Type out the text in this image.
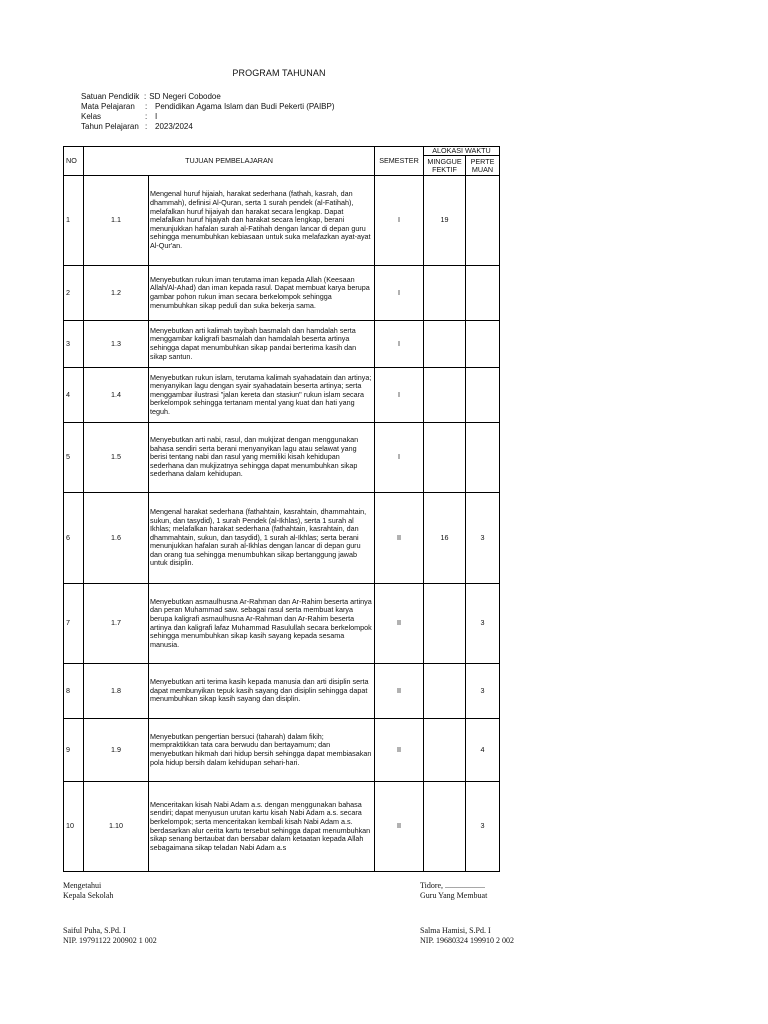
PROGRAM TAHUNAN
Satuan Pendidik : SD Negeri Cobodoe
Mata Pelajaran	: Pendidikan Agama Islam dan Budi Pekerti (PAIBP)
Kelas	: I
Tahun Pelajaran : 2023/2024
NO	TUJUAN PEMBELAJARAN		SEMESTER	ALOKASI WAKTU	
				MINGGUE FEKTIF	PERTE MUAN
1	1.1	Mengenal huruf hijaiah, harakat sederhana (fathah, kasrah, dan dhammah), definisi Al-Quran, serta 1 surah pendek (al-Fatihah), melafalkan huruf hijaiyah dan harakat secara lengkap. Dapat melafalkan huruf hijaiyah dan harakat secara lengkap, berani menunjukkan hafalan surah al-Fatihah dengan lancar di depan guru sehingga menumbuhkan kebiasaan untuk suka melafazkan ayat-ayat Al-Qur'an.	I	19	
2	1.2	Menyebutkan rukun iman terutama iman kepada Allah (Keesaan Allah/Al-Ahad) dan iman kepada rasul. Dapat membuat karya berupa gambar pohon rukun iman secara berkelompok sehingga menumbuhkan sikap peduli dan suka bekerja sama.	I		
3	1.3	Menyebutkan arti kalimah tayibah basmalah dan hamdalah serta menggambar kaligrafi basmalah dan hamdalah beserta artinya sehingga dapat menumbuhkan sikap pandai berterima kasih dan sikap santun.	I		
4	1.4	Menyebutkan rukun islam, terutama kalimah syahadatain dan artinya; menyanyikan lagu dengan syair syahadatain beserta artinya; serta menggambar ilustrasi "jalan kereta dan stasiun" rukun islam secara berkelompok sehingga tertanam mental yang kuat dan hati yang teguh.	I		
5	1.5	Menyebutkan arti nabi, rasul, dan mukjizat dengan menggunakan bahasa sendiri serta berani menyanyikan lagu atau selawat yang berisi tentang nabi dan rasul yang memiliki kisah kehidupan sederhana dan mukjizatnya sehingga dapat menumbuhkan sikap sederhana dalam kehidupan.	I		
6	1.6	Mengenal harakat sederhana (fathahtain, kasrahtain, dhammahtain, sukun, dan tasydid), 1 surah Pendek (al-Ikhlas), serta 1 surah al Ikhlas; melafalkan harakat sederhana (fathahtain, kasrahtain, dan dhammahtain, sukun, dan tasydid), 1 surah al-Ikhlas; serta berani menunjukkan hafalan surah al-Ikhlas dengan lancar di depan guru dan orang tua sehingga menumbuhkan sikap bertanggung jawab untuk disiplin.	II	16	3
7	1.7	Menyebutkan asmaulhusna Ar-Rahman dan Ar-Rahim beserta artinya dan peran Muhammad saw. sebagai rasul serta membuat karya berupa kaligrafi asmaulhusna Ar-Rahman dan Ar-Rahim beserta artinya dan kaligrafi lafaz Muhammad Rasulullah secara berkelompok sehingga menumbuhkan sikap kasih sayang kepada sesama manusia.	II		3
8	1.8	Menyebutkan arti terima kasih kepada manusia dan arti disiplin serta dapat membunyikan tepuk kasih sayang dan disiplin sehingga dapat menumbuhkan sikap kasih sayang dan disiplin.	II		3
9	1.9	Menyebutkan pengertian bersuci (taharah) dalam fikih; mempraktikkan tata cara berwudu dan bertayamum; dan menyebutkan hikmah dari hidup bersih sehingga dapat membiasakan pola hidup bersih dalam kehidupan sehari-hari.	II		4
10	1.10	Menceritakan kisah Nabi Adam a.s. dengan menggunakan bahasa sendiri; dapat menyusun urutan kartu kisah Nabi Adam a.s. secara berkelompok; serta menceritakan kembali kisah Nabi Adam a.s. berdasarkan alur cerita kartu tersebut sehingga dapat menumbuhkan sikap senang bertaubat dan bersabar dalam ketaatan kepada Allah sebagaimana sikap teladan Nabi Adam a.s	II		3
Mengetahui
Kepala Sekolah
Saiful Puha, S.Pd. I
NIP. 19791122 200902 1 002
Tidore, ....................
Guru Yang Membuat
Salma Hamisi, S.Pd. I
NIP. 19680324 199910 2 002
